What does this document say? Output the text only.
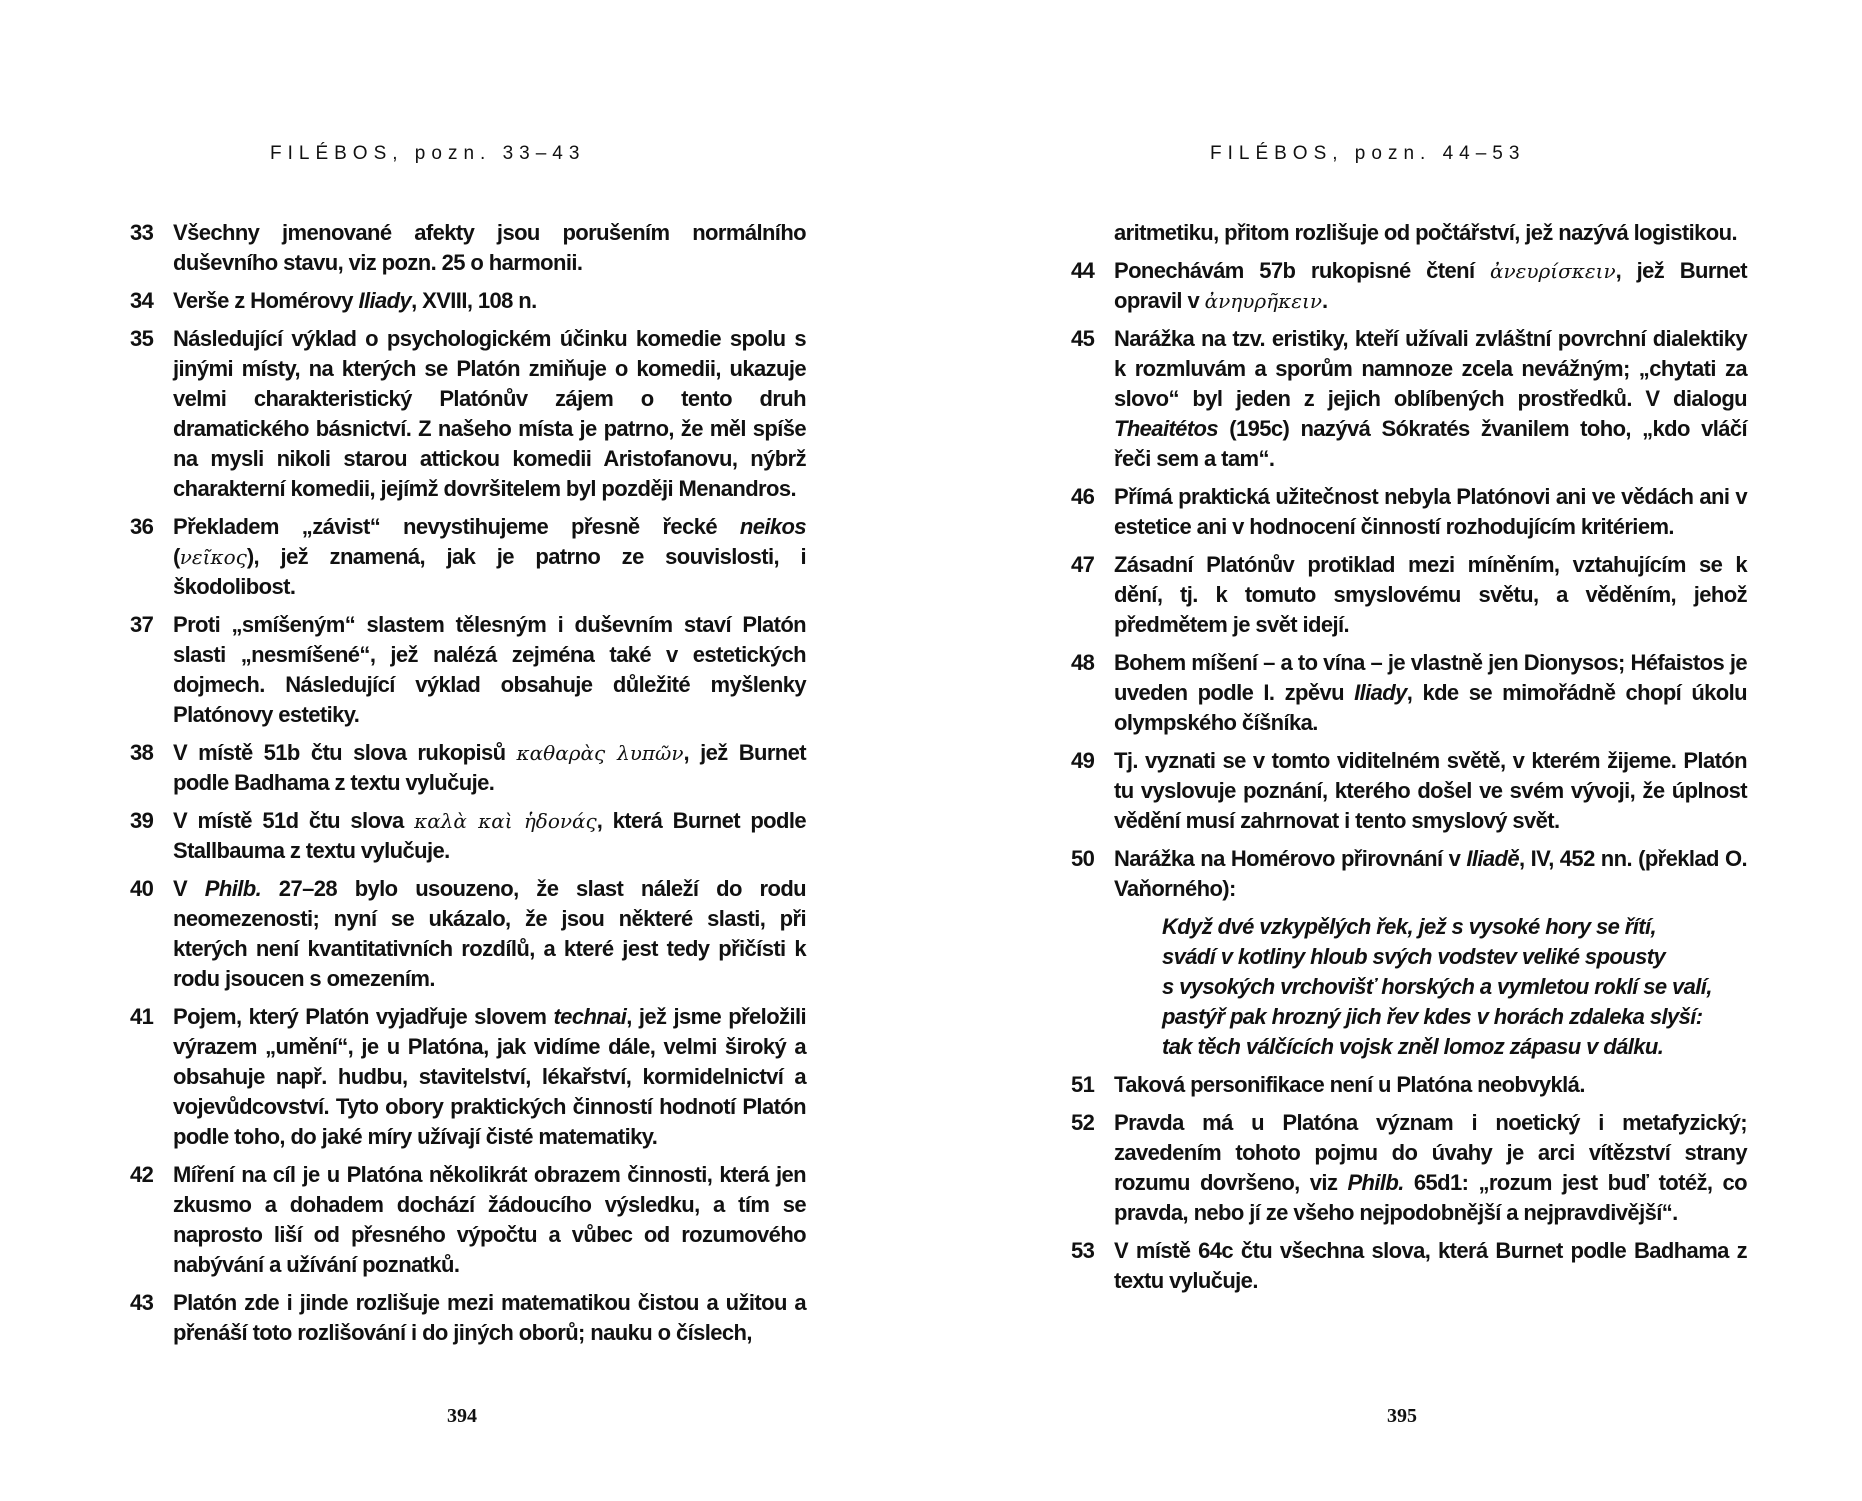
FILÉBOS, pozn. 33–43
33 Všechny jmenované afekty jsou porušením normálního duševního stavu, viz pozn. 25 o harmonii.
34 Verše z Homérovy Iliady, XVIII, 108 n.
35 Následující výklad o psychologickém účinku komedie spolu s jinými místy, na kterých se Platón zmiňuje o komedii, ukazuje velmi charakteristický Platónův zájem o tento druh dramatického básnictví. Z našeho místa je patrno, že měl spíše na mysli nikoli starou attickou komedii Aristofanovu, nýbrž charakterní komedii, jejímž dovršitelem byl později Menandros.
36 Překladem „závist“ nevystihujeme přesně řecké neikos (νεῖκος), jež znamená, jak je patrno ze souvislosti, i škodolibost.
37 Proti „smíšeným“ slastem tělesným i duševním staví Platón slasti „nesmíšené“, jež nalézá zejména také v estetických dojmech. Následující výklad obsahuje důležité myšlenky Platónovy estetiky.
38 V místě 51b čtu slova rukopisů καθαρὰς λυπῶν, jež Burnet podle Badhama z textu vylučuje.
39 V místě 51d čtu slova καλὰ καὶ ἡδονάς, která Burnet podle Stallbauma z textu vylučuje.
40 V Philb. 27–28 bylo usouzeno, že slast náleží do rodu neomezenosti; nyní se ukázalo, že jsou některé slasti, při kterých není kvantitativních rozdílů, a které jest tedy přičísti k rodu jsoucen s omezením.
41 Pojem, který Platón vyjadřuje slovem technai, jež jsme přeložili výrazem „umění“, je u Platóna, jak vidíme dále, velmi široký a obsahuje např. hudbu, stavitelství, lékařství, kormidelnictví a vojevůdcovství. Tyto obory praktických činností hodnotí Platón podle toho, do jaké míry užívají čisté matematiky.
42 Míření na cíl je u Platóna několikrát obrazem činnosti, která jen zkusmo a dohadem dochází žádoucího výsledku, a tím se naprosto liší od přesného výpočtu a vůbec od rozumového nabývání a užívání poznatků.
43 Platón zde i jinde rozlišuje mezi matematikou čistou a užitou a přenáší toto rozlišování i do jiných oborů; nauku o číslech,
394
FILÉBOS, pozn. 44–53
aritmetiku, přitom rozlišuje od počtářství, jež nazývá logistikou.
44 Ponechávám 57b rukopisné čtení ἀνευρίσκειν, jež Burnet opravil v ἀνηυρῆκειν.
45 Narážka na tzv. eristiky, kteří užívali zvláštní povrchní dialektiky k rozmluvám a sporům namnoze zcela nevážným; „chytati za slovo“ byl jeden z jejich oblíbených prostředků. V dialogu Theaitétos (195c) nazývá Sókratés žvanilem toho, „kdo vláčí řeči sem a tam“.
46 Přímá praktická užitečnost nebyla Platónovi ani ve vědách ani v estetice ani v hodnocení činností rozhodujícím kritériem.
47 Zásadní Platónův protiklad mezi míněním, vztahujícím se k dění, tj. k tomuto smyslovému světu, a věděním, jehož předmětem je svět idejí.
48 Bohem míšení – a to vína – je vlastně jen Dionysos; Héfaistos je uveden podle I. zpěvu Iliady, kde se mimořádně chopí úkolu olympského číšníka.
49 Tj. vyznati se v tomto viditelném světě, v kterém žijeme. Platón tu vyslovuje poznání, kterého došel ve svém vývoji, že úplnost vědění musí zahrnovat i tento smyslový svět.
50 Narážka na Homérovo přirovnání v Iliadě, IV, 452 nn. (překlad O. Vaňorného):
Když dvé vzkypělých řek, jež s vysoké hory se řítí,
svádí v kotliny hloub svých vodstev veliké spousty
s vysokých vrchovišť horských a vymletou roklí se valí,
pastýř pak hrozný jich řev kdes v horách zdaleka slyší:
tak těch válčících vojsk zněl lomoz zápasu v dálku.
51 Taková personifikace není u Platóna neobvyklá.
52 Pravda má u Platóna význam i noetický i metafyzický; zavedením tohoto pojmu do úvahy je arci vítězství strany rozumu dovršeno, viz Philb. 65d1: „rozum jest buď totéž, co pravda, nebo jí ze všeho nejpodobnější a nejpravdivější“.
53 V místě 64c čtu všechna slova, která Burnet podle Badhama z textu vylučuje.
395
